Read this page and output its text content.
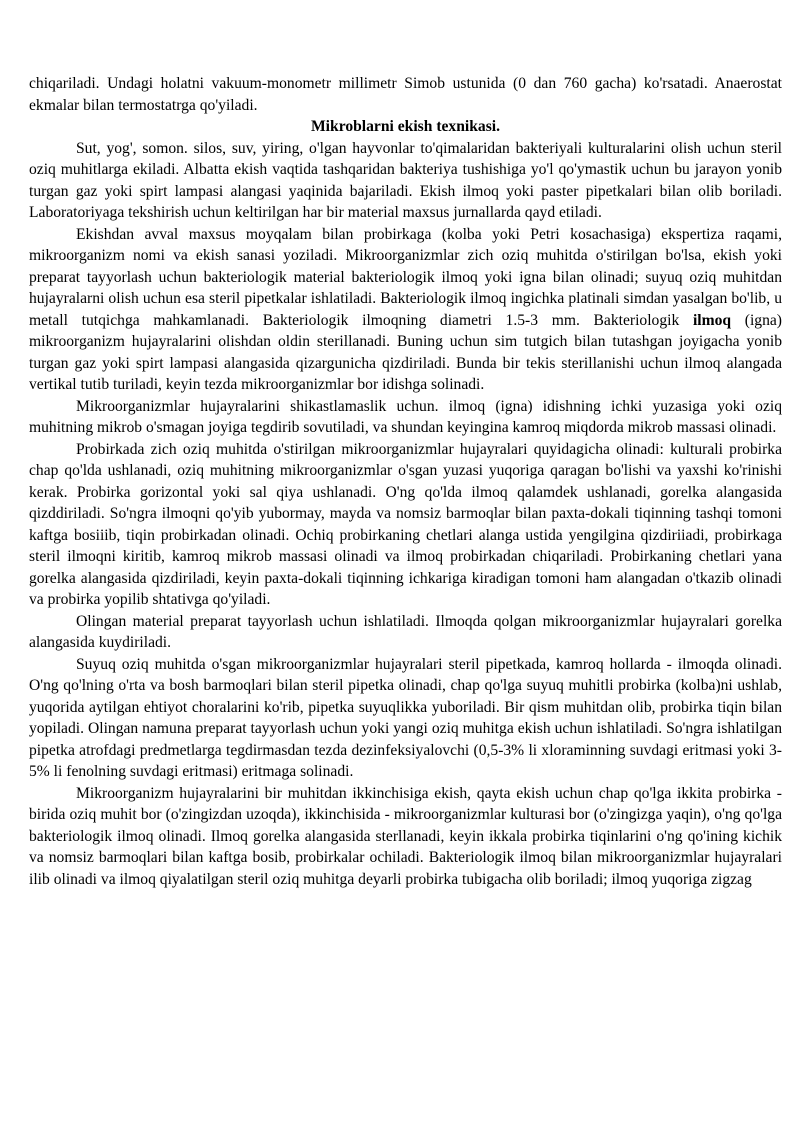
chiqariladi. Undagi holatni vakuum-monometr millimetr Simob ustunida (0 dan 760 gacha) ko'rsatadi. Anaerostat ekmalar bilan termostatrga qo'yiladi.

Mikroblarni ekish texnikasi.

Sut, yog', somon. silos, suv, yiring, o'lgan hayvonlar to'qimalaridan bakteriyali kulturalarini olish uchun steril oziq muhitlarga ekiladi. Albatta ekish vaqtida tashqaridan bakteriya tushishiga yo'l qo'ymastik uchun bu jarayon yonib turgan gaz yoki spirt lampasi alangasi yaqinida bajariladi. Ekish ilmoq yoki paster pipetkalari bilan olib boriladi. Laboratoriyaga tekshirish uchun keltirilgan har bir material maxsus jurnallarda qayd etiladi.

Ekishdan avval maxsus moyqalam bilan probirkaga (kolba yoki Petri kosachasiga) ekspertiza raqami, mikroorganizm nomi va ekish sanasi yoziladi. Mikroorganizmlar zich oziq muhitda o'stirilgan bo'lsa, ekish yoki preparat tayyorlash uchun bakteriologik material bakteriologik ilmoq yoki igna bilan olinadi; suyuq oziq muhitdan hujayralarni olish uchun esa steril pipetkalar ishlatiladi. Bakteriologik ilmoq ingichka platinali simdan yasalgan bo'lib, u metall tutqichga mahkamlanadi. Bakteriologik ilmoqning diametri 1.5-3 mm. Bakteriologik ilmoq (igna) mikroorganizm hujayralarini olishdan oldin sterillanadi. Buning uchun sim tutgich bilan tutashgan joyigacha yonib turgan gaz yoki spirt lampasi alangasida qizargunicha qizdiriladi. Bunda bir tekis sterillanishi uchun ilmoq alangada vertikal tutib turiladi, keyin tezda mikroorganizmlar bor idishga solinadi.

Mikroorganizmlar hujayralarini shikastlamaslik uchun. ilmoq (igna) idishning ichki yuzasiga yoki oziq muhitning mikrob o'smagan joyiga tegdirib sovutiladi, va shundan keyingina kamroq miqdorda mikrob massasi olinadi.

Probirkada zich oziq muhitda o'stirilgan mikroorganizmlar hujayralari quyidagicha olinadi: kulturali probirka chap qo'lda ushlanadi, oziq muhitning mikroorganizmlar o'sgan yuzasi yuqoriga qaragan bo'lishi va yaxshi ko'rinishi kerak. Probirka gorizontal yoki sal qiya ushlanadi. O'ng qo'lda ilmoq qalamdek ushlanadi, gorelka alangasida qizddiriladi. So'ngra ilmoqni qo'yib yubormay, mayda va nomsiz barmoqlar bilan paxta-dokali tiqinning tashqi tomoni kaftga bosiiib, tiqin probirkadan olinadi. Ochiq probirkaning chetlari alanga ustida yengilgina qizdiriiadi, probirkaga steril ilmoqni kiritib, kamroq mikrob massasi olinadi va ilmoq probirkadan chiqariladi. Probirkaning chetlari yana gorelka alangasida qizdiriladi, keyin paxta-dokali tiqinning ichkariga kiradigan tomoni ham alangadan o'tkazib olinadi va probirka yopilib shtativga qo'yiladi.

Olingan material preparat tayyorlash uchun ishlatiladi. Ilmoqda qolgan mikroorganizmlar hujayralari gorelka alangasida kuydiriladi.

Suyuq oziq muhitda o'sgan mikroorganizmlar hujayralari steril pipetkada, kamroq hollarda - ilmoqda olinadi. O'ng qo'lning o'rta va bosh barmoqlari bilan steril pipetka olinadi, chap qo'lga suyuq muhitli probirka (kolba)ni ushlab, yuqorida aytilgan ehtiyot choralarini ko'rib, pipetka suyuqlikka yuboriladi. Bir qism muhitdan olib, probirka tiqin bilan yopiladi. Olingan namuna preparat tayyorlash uchun yoki yangi oziq muhitga ekish uchun ishlatiladi. So'ngra ishlatilgan pipetka atrofdagi predmetlarga tegdirmasdan tezda dezinfeksiyalovchi (0,5-3% li xloraminning suvdagi eritmasi yoki 3-5% li fenolning suvdagi eritmasi) eritmaga solinadi.

Mikroorganizm hujayralarini bir muhitdan ikkinchisiga ekish, qayta ekish uchun chap qo'lga ikkita probirka - birida oziq muhit bor (o'zingizdan uzoqda), ikkinchisida - mikroorganizmlar kulturasi bor (o'zingizga yaqin), o'ng qo'lga bakteriologik ilmoq olinadi. Ilmoq gorelka alangasida sterllanadi, keyin ikkala probirka tiqinlarini o'ng qo'ining kichik va nomsiz barmoqlari bilan kaftga bosib, probirkalar ochiladi. Bakteriologik ilmoq bilan mikroorganizmlar hujayralari ilib olinadi va ilmoq qiyalatilgan steril oziq muhitga deyarli probirka tubigacha olib boriladi; ilmoq yuqoriga zigzag
